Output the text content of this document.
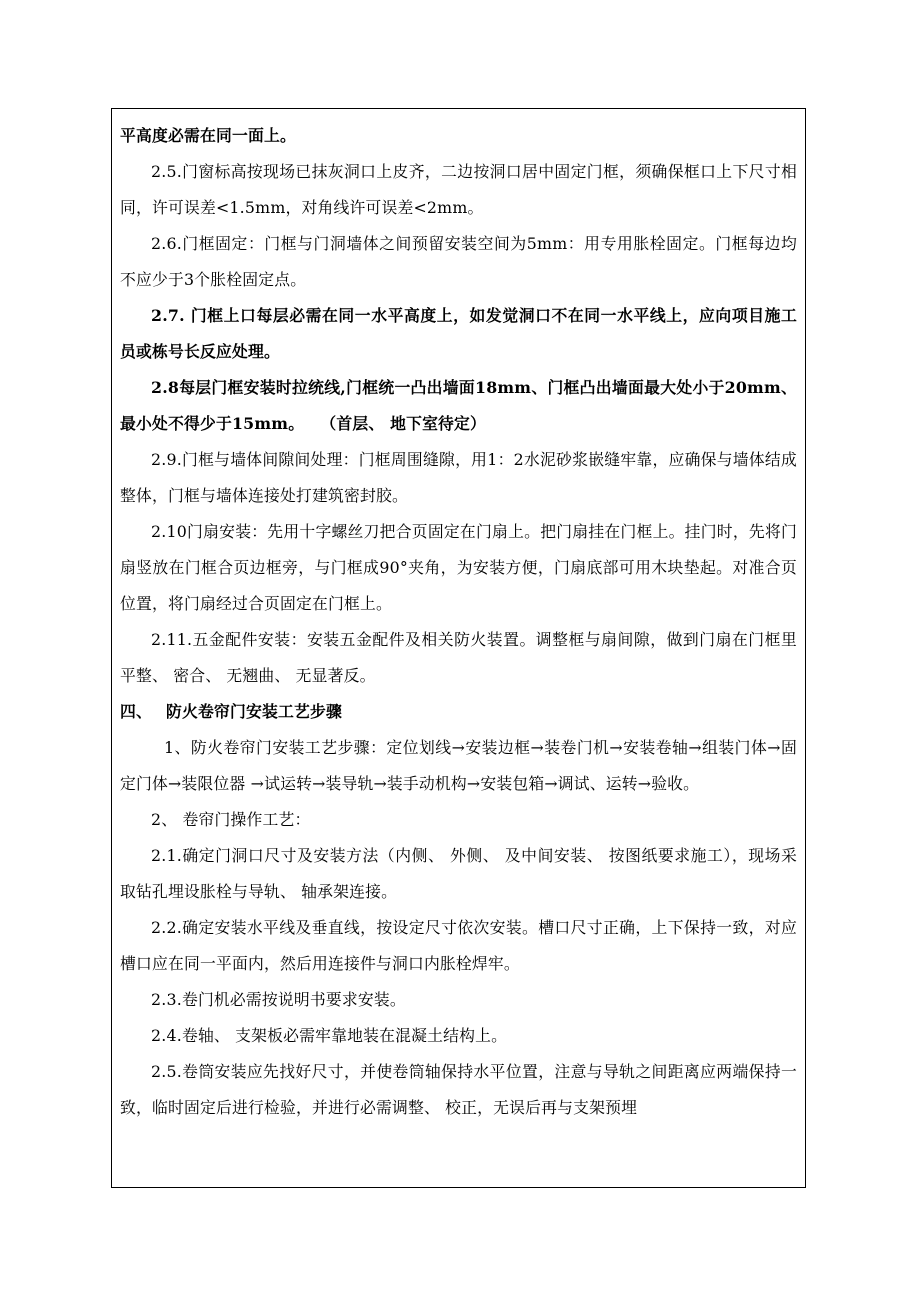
平高度必需在同一面上。

2.5.门窗标高按现场已抹灰洞口上皮齐，二边按洞口居中固定门框，须确保框口上下尺寸相同，许可误差<1.5mm，对角线许可误差<2mm。

2.6.门框固定：门框与门洞墙体之间预留安装空间为5mm：用专用胀栓固定。门框每边均不应少于3个胀栓固定点。

2.7. 门框上口每层必需在同一水平高度上，如发觉洞口不在同一水平线上，应向项目施工员或栋号长反应处理。

2.8每层门框安装时拉统线,门框统一凸出墙面18mm、门框凸出墙面最大处小于20mm、 最小处不得少于15mm。　　（首层、 地下室待定）

2.9.门框与墙体间隙间处理：门框周围缝隙，用1：2水泥砂浆嵌缝牢靠，应确保与墙体结成整体，门框与墙体连接处打建筑密封胶。

2.10门扇安装：先用十字螺丝刀把合页固定在门扇上。把门扇挂在门框上。挂门时，先将门扇竖放在门框合页边框旁，与门框成90°夹角，为安装方便，门扇底部可用木块垫起。对准合页位置，将门扇经过合页固定在门框上。

2.11.五金配件安装：安装五金配件及相关防火装置。调整框与扇间隙，做到门扇在门框里平整、 密合、 无翘曲、 无显著反。

四、 防火卷帘门安装工艺步骤

1、防火卷帘门安装工艺步骤：定位划线→安装边框→装卷门机→安装卷轴→组装门体→固定门体→装限位器 →试运转→装导轨→装手动机构→安装包箱→调试、运转→验收。

2、 卷帘门操作工艺：

2.1.确定门洞口尺寸及安装方法（内侧、 外侧、 及中间安装、 按图纸要求施工），现场采取钻孔埋设胀栓与导轨、 轴承架连接。

2.2.确定安装水平线及垂直线，按设定尺寸依次安装。槽口尺寸正确，上下保持一致，对应槽口应在同一平面内，然后用连接件与洞口内胀栓焊牢。

2.3.卷门机必需按说明书要求安装。

2.4.卷轴、 支架板必需牢靠地装在混凝土结构上。

2.5.卷筒安装应先找好尺寸，并使卷筒轴保持水平位置，注意与导轨之间距离应两端保持一致，临时固定后进行检验，并进行必需调整、 校正，无误后再与支架预埋
